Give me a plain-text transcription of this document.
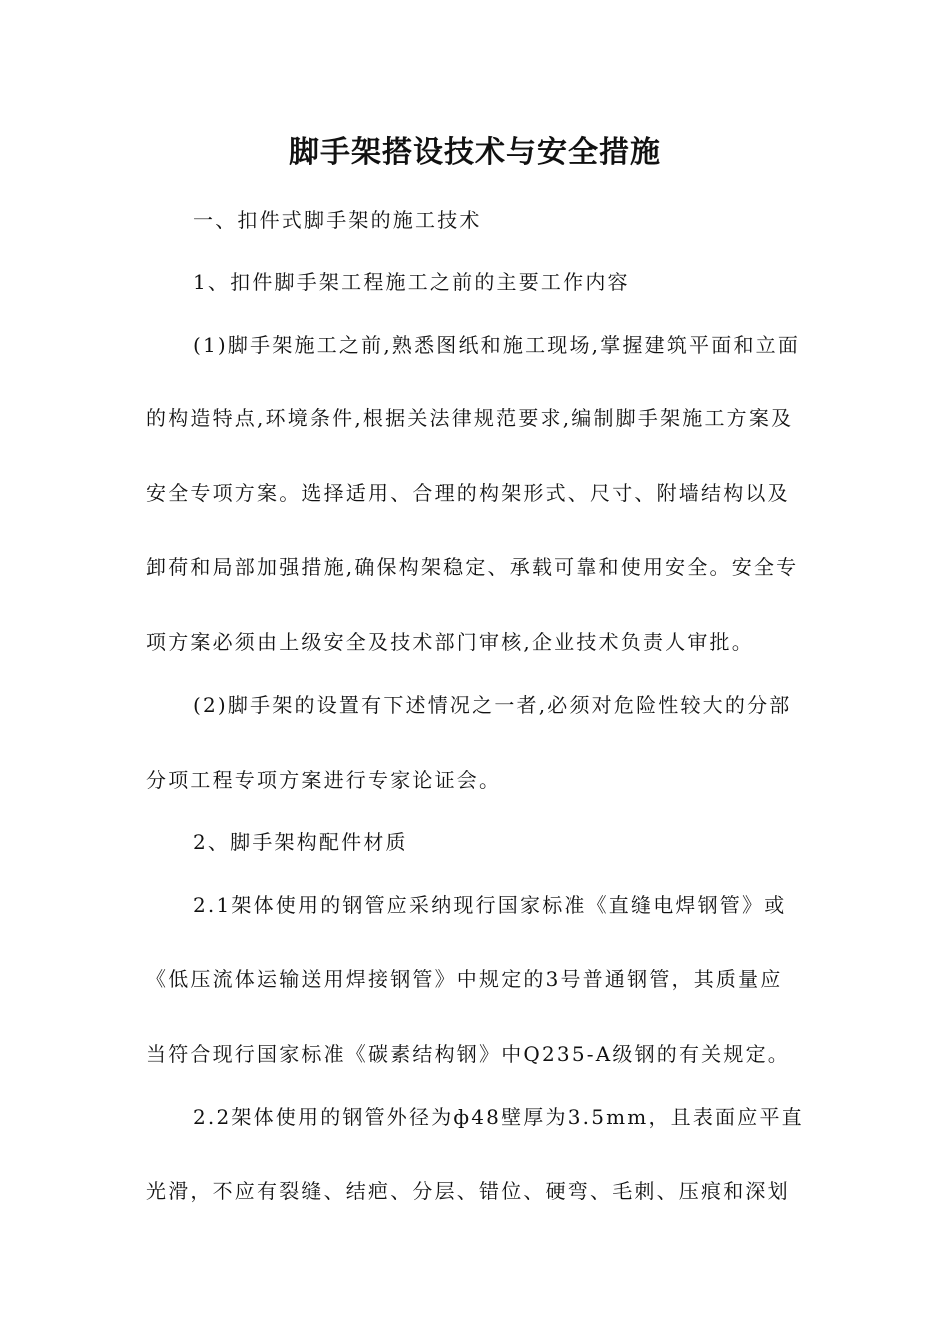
脚手架搭设技术与安全措施
一、扣件式脚手架的施工技术
1、扣件脚手架工程施工之前的主要工作内容
(1)脚手架施工之前,熟悉图纸和施工现场,掌握建筑平面和立面
的构造特点,环境条件,根据关法律规范要求,编制脚手架施工方案及
安全专项方案。选择适用、合理的构架形式、尺寸、附墙结构以及
卸荷和局部加强措施,确保构架稳定、承载可靠和使用安全。安全专
项方案必须由上级安全及技术部门审核,企业技术负责人审批。
(2)脚手架的设置有下述情况之一者,必须对危险性较大的分部
分项工程专项方案进行专家论证会。
2、脚手架构配件材质
2.1架体使用的钢管应采纳现行国家标准《直缝电焊钢管》或
《低压流体运输送用焊接钢管》中规定的3号普通钢管，其质量应
当符合现行国家标准《碳素结构钢》中Q235-A级钢的有关规定。
2.2架体使用的钢管外径为ф48壁厚为3.5mm，且表面应平直
光滑，不应有裂缝、结疤、分层、错位、硬弯、毛刺、压痕和深划
